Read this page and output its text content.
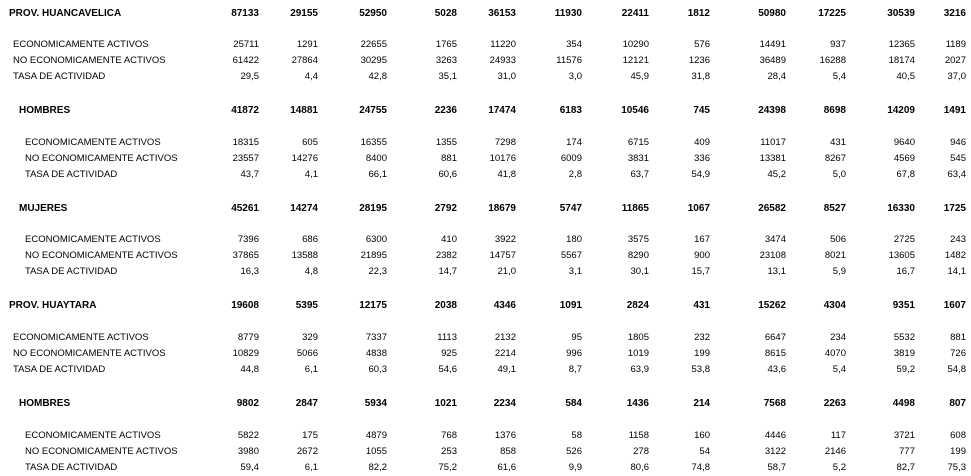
PROV. HUANCAVELICA	87133	29155	52950	5028	36153	11930	22411	1812	50980	17225	30539	3216
ECONOMICAMENTE ACTIVOS	25711	1291	22655	1765	11220	354	10290	576	14491	937	12365	1189
NO ECONOMICAMENTE ACTIVOS	61422	27864	30295	3263	24933	11576	12121	1236	36489	16288	18174	2027
TASA DE ACTIVIDAD	29,5	4,4	42,8	35,1	31,0	3,0	45,9	31,8	28,4	5,4	40,5	37,0
HOMBRES	41872	14881	24755	2236	17474	6183	10546	745	24398	8698	14209	1491
ECONOMICAMENTE ACTIVOS	18315	605	16355	1355	7298	174	6715	409	11017	431	9640	946
NO ECONOMICAMENTE ACTIVOS	23557	14276	8400	881	10176	6009	3831	336	13381	8267	4569	545
TASA DE ACTIVIDAD	43,7	4,1	66,1	60,6	41,8	2,8	63,7	54,9	45,2	5,0	67,8	63,4
MUJERES	45261	14274	28195	2792	18679	5747	11865	1067	26582	8527	16330	1725
ECONOMICAMENTE ACTIVOS	7396	686	6300	410	3922	180	3575	167	3474	506	2725	243
NO ECONOMICAMENTE ACTIVOS	37865	13588	21895	2382	14757	5567	8290	900	23108	8021	13605	1482
TASA DE ACTIVIDAD	16,3	4,8	22,3	14,7	21,0	3,1	30,1	15,7	13,1	5,9	16,7	14,1
PROV. HUAYTARA	19608	5395	12175	2038	4346	1091	2824	431	15262	4304	9351	1607
ECONOMICAMENTE ACTIVOS	8779	329	7337	1113	2132	95	1805	232	6647	234	5532	881
NO ECONOMICAMENTE ACTIVOS	10829	5066	4838	925	2214	996	1019	199	8615	4070	3819	726
TASA DE ACTIVIDAD	44,8	6,1	60,3	54,6	49,1	8,7	63,9	53,8	43,6	5,4	59,2	54,8
HOMBRES	9802	2847	5934	1021	2234	584	1436	214	7568	2263	4498	807
ECONOMICAMENTE ACTIVOS	5822	175	4879	768	1376	58	1158	160	4446	117	3721	608
NO ECONOMICAMENTE ACTIVOS	3980	2672	1055	253	858	526	278	54	3122	2146	777	199
TASA DE ACTIVIDAD	59,4	6,1	82,2	75,2	61,6	9,9	80,6	74,8	58,7	5,2	82,7	75,3
